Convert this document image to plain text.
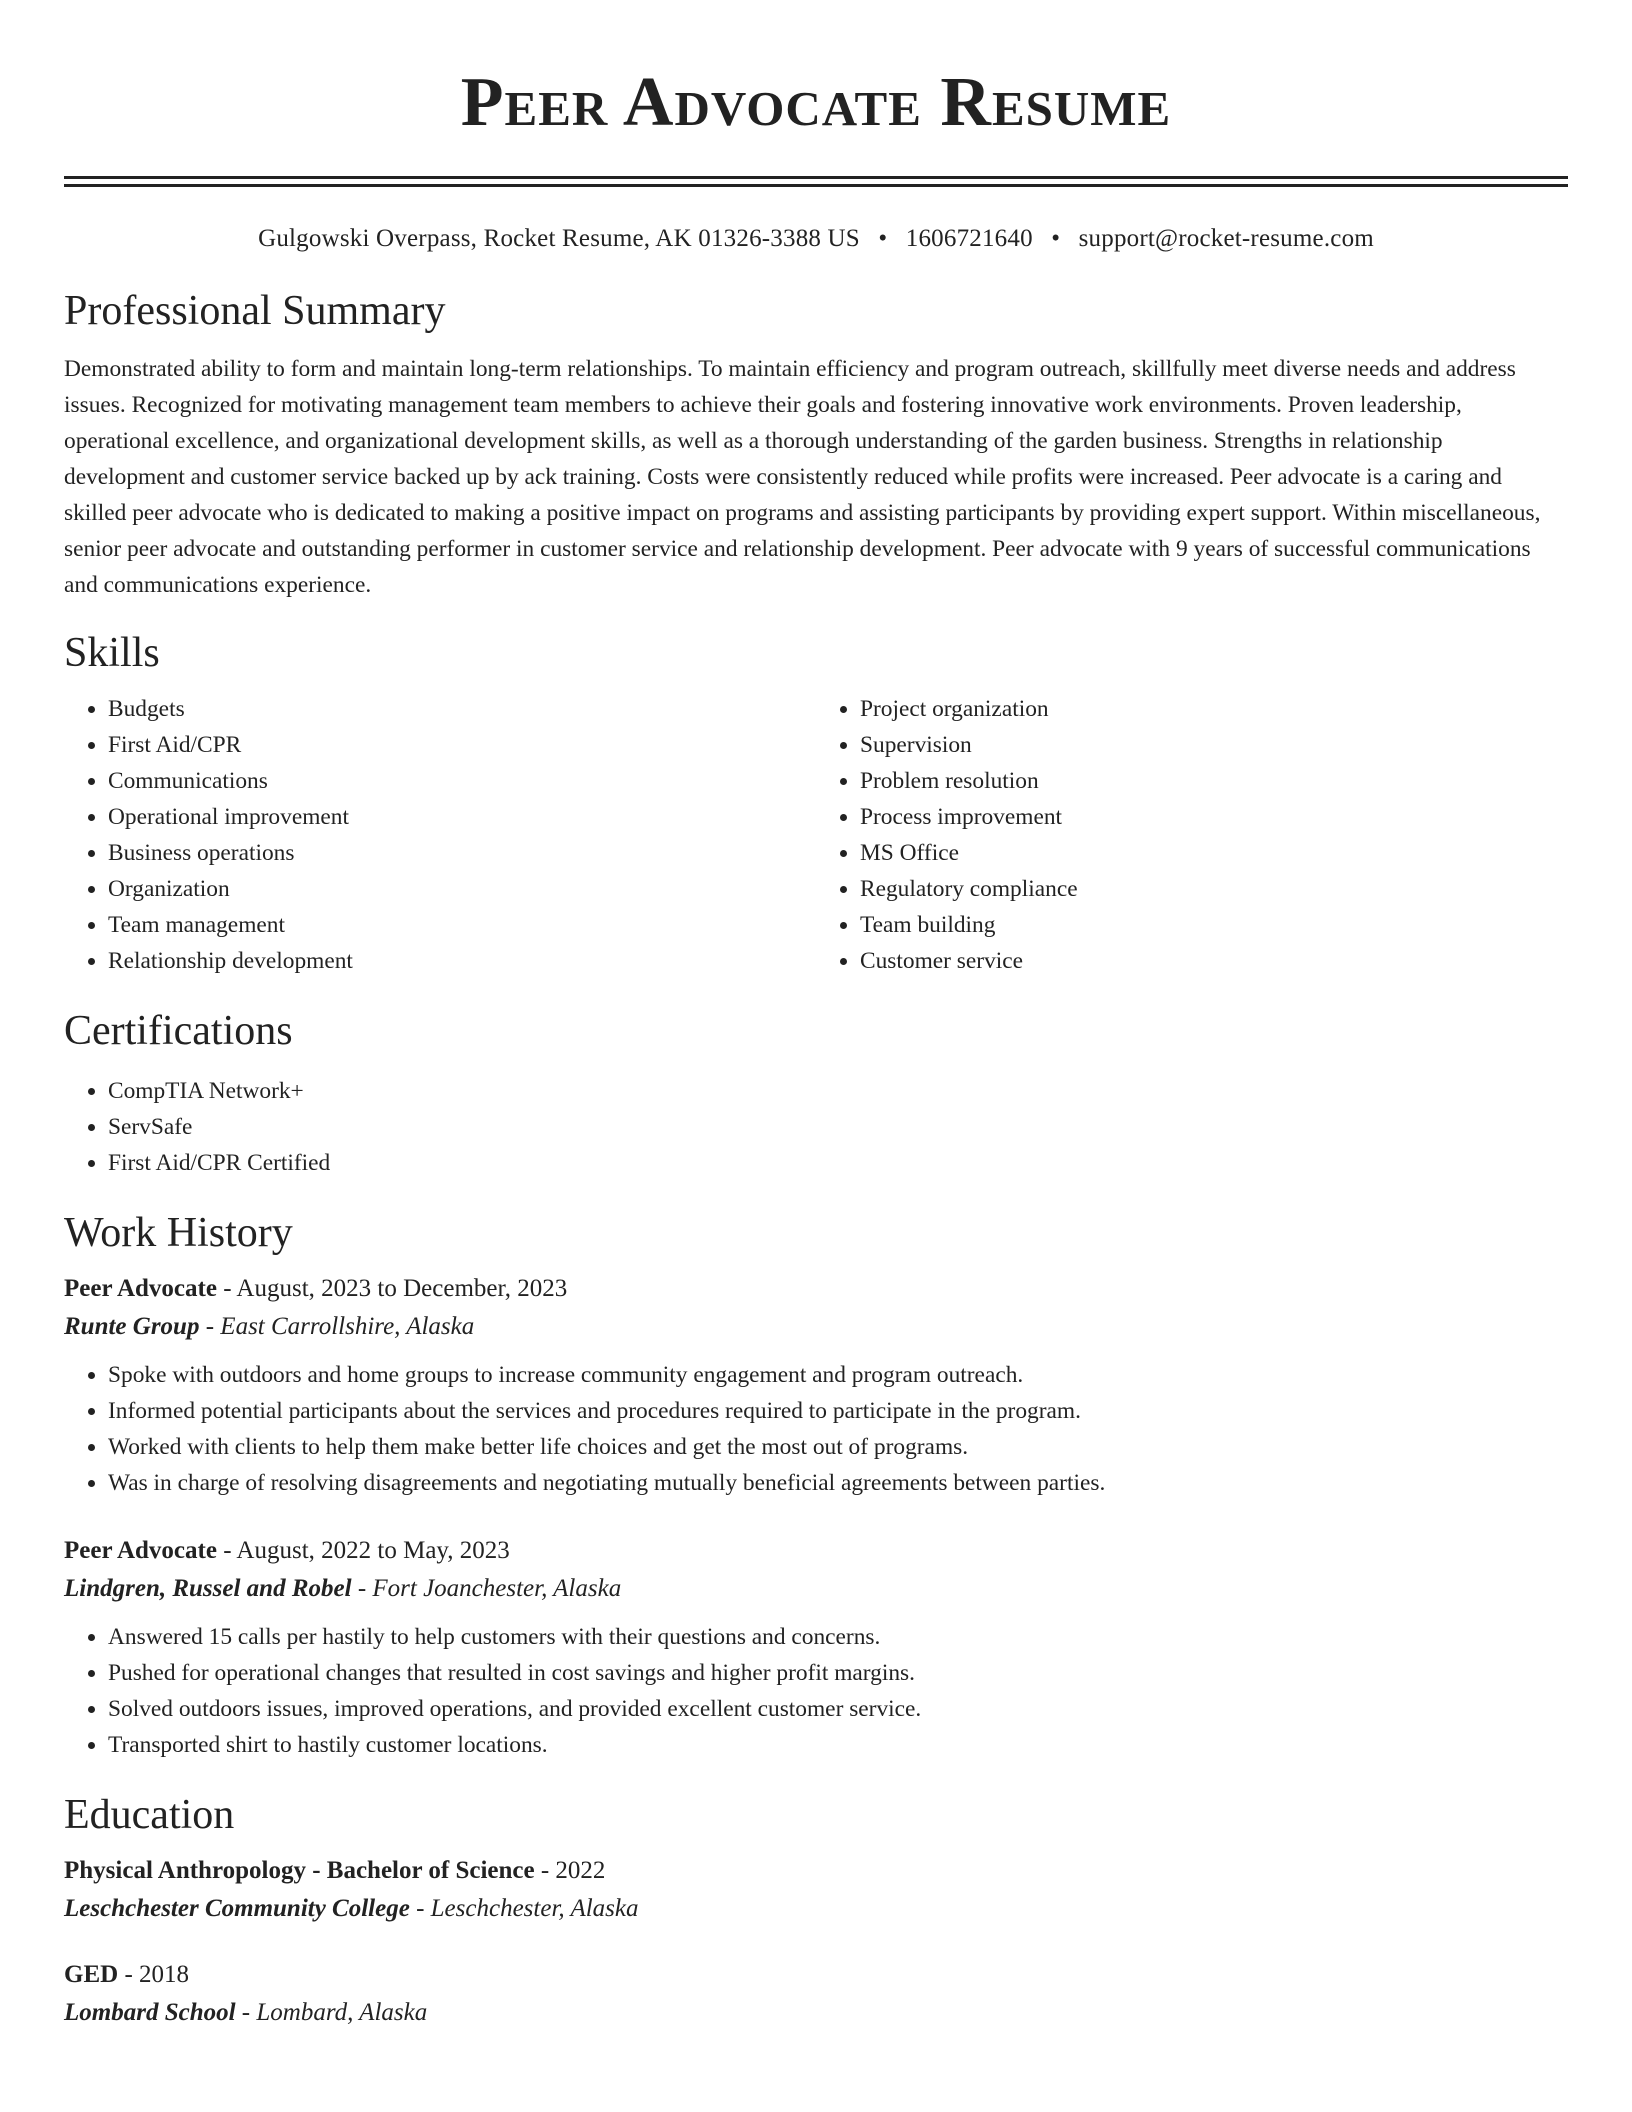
Peer Advocate Resume
Gulgowski Overpass, Rocket Resume, AK 01326-3388 US • 1606721640 • support@rocket-resume.com
Professional Summary

Demonstrated ability to form and maintain long-term relationships. To maintain efficiency and program outreach, skillfully meet diverse needs and address issues. Recognized for motivating management team members to achieve their goals and fostering innovative work environments. Proven leadership, operational excellence, and organizational development skills, as well as a thorough understanding of the garden business. Strengths in relationship development and customer service backed up by ack training. Costs were consistently reduced while profits were increased. Peer advocate is a caring and skilled peer advocate who is dedicated to making a positive impact on programs and assisting participants by providing expert support. Within miscellaneous, senior peer advocate and outstanding performer in customer service and relationship development. Peer advocate with 9 years of successful communications and communications experience.

Skills
• Budgets
• First Aid/CPR
• Communications
• Operational improvement
• Business operations
• Organization
• Team management
• Relationship development
• Project organization
• Supervision
• Problem resolution
• Process improvement
• MS Office
• Regulatory compliance
• Team building
• Customer service
Certifications
• CompTIA Network+
• ServSafe
• First Aid/CPR Certified
Work History
Peer Advocate - August, 2023 to December, 2023
Runte Group - East Carrollshire, Alaska
• Spoke with outdoors and home groups to increase community engagement and program outreach.
• Informed potential participants about the services and procedures required to participate in the program.
• Worked with clients to help them make better life choices and get the most out of programs.
• Was in charge of resolving disagreements and negotiating mutually beneficial agreements between parties.
Peer Advocate - August, 2022 to May, 2023
Lindgren, Russel and Robel - Fort Joanchester, Alaska
• Answered 15 calls per hastily to help customers with their questions and concerns.
• Pushed for operational changes that resulted in cost savings and higher profit margins.
• Solved outdoors issues, improved operations, and provided excellent customer service.
• Transported shirt to hastily customer locations.
Education
Physical Anthropology - Bachelor of Science - 2022
Leschchester Community College - Leschchester, Alaska
GED - 2018
Lombard School - Lombard, Alaska
